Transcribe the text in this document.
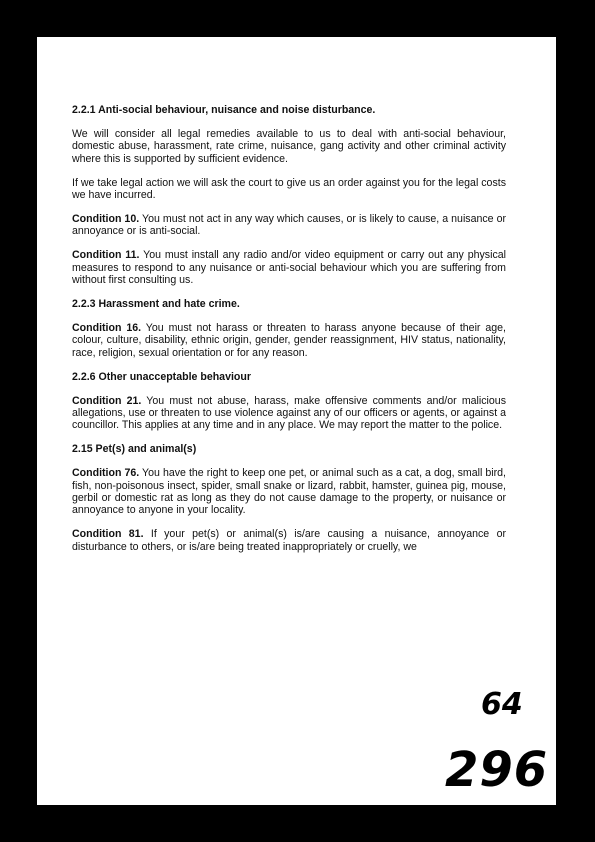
2.2.1 Anti-social behaviour, nuisance and noise disturbance.

We will consider all legal remedies available to us to deal with anti-social behaviour, domestic abuse, harassment, rate crime, nuisance, gang activity and other criminal activity where this is supported by sufficient evidence.

If we take legal action we will ask the court to give us an order against you for the legal costs we have incurred.

Condition 10. You must not act in any way which causes, or is likely to cause, a nuisance or annoyance or is anti-social.

Condition 11. You must install any radio and/or video equipment or carry out any physical measures to respond to any nuisance or anti-social behaviour which you are suffering from without first consulting us.

2.2.3 Harassment and hate crime.

Condition 16. You must not harass or threaten to harass anyone because of their age, colour, culture, disability, ethnic origin, gender, gender reassignment, HIV status, nationality, race, religion, sexual orientation or for any reason.

2.2.6 Other unacceptable behaviour

Condition 21. You must not abuse, harass, make offensive comments and/or malicious allegations, use or threaten to use violence against any of our officers or agents, or against a councillor. This applies at any time and in any place. We may report the matter to the police.

2.15 Pet(s) and animal(s)

Condition 76. You have the right to keep one pet, or animal such as a cat, a dog, small bird, fish, non-poisonous insect, spider, small snake or lizard, rabbit, hamster, guinea pig, mouse, gerbil or domestic rat as long as they do not cause damage to the property, or nuisance or annoyance to anyone in your locality.

Condition 81. If your pet(s) or animal(s) is/are causing a nuisance, annoyance or disturbance to others, or is/are being treated inappropriately or cruelly, we

64
296
